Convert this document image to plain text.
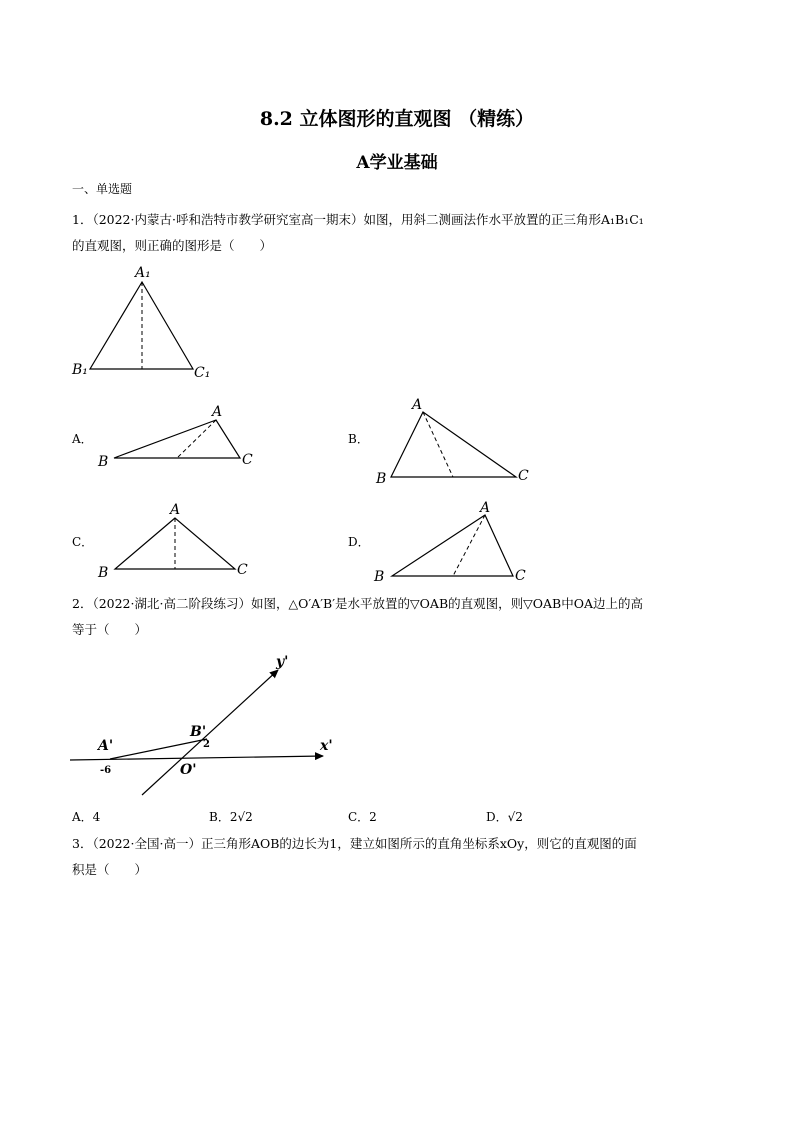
8.2 立体图形的直观图 （精练）
A学业基础
一、单选题
1．（2022·内蒙古·呼和浩特市教学研究室高一期末）如图，用斜二测画法作水平放置的正三角形A₁B₁C₁
的直观图，则正确的图形是（　　）
A₁
B₁	C₁
A．
A
B	C
B．
A
B	C
C．
A
B	C
D．
A
B	C
2．（2022·湖北·高二阶段练习）如图，△O′A′B′是水平放置的▽OAB的直观图，则▽OAB中OA边上的高
等于（　　）
y'
x'
A'
B'
O'
-6
2
A．4	B．2√2	C．2	D．√2
3．（2022·全国·高一）正三角形AOB的边长为1，建立如图所示的直角坐标系xOy，则它的直观图的面
积是（　　）
